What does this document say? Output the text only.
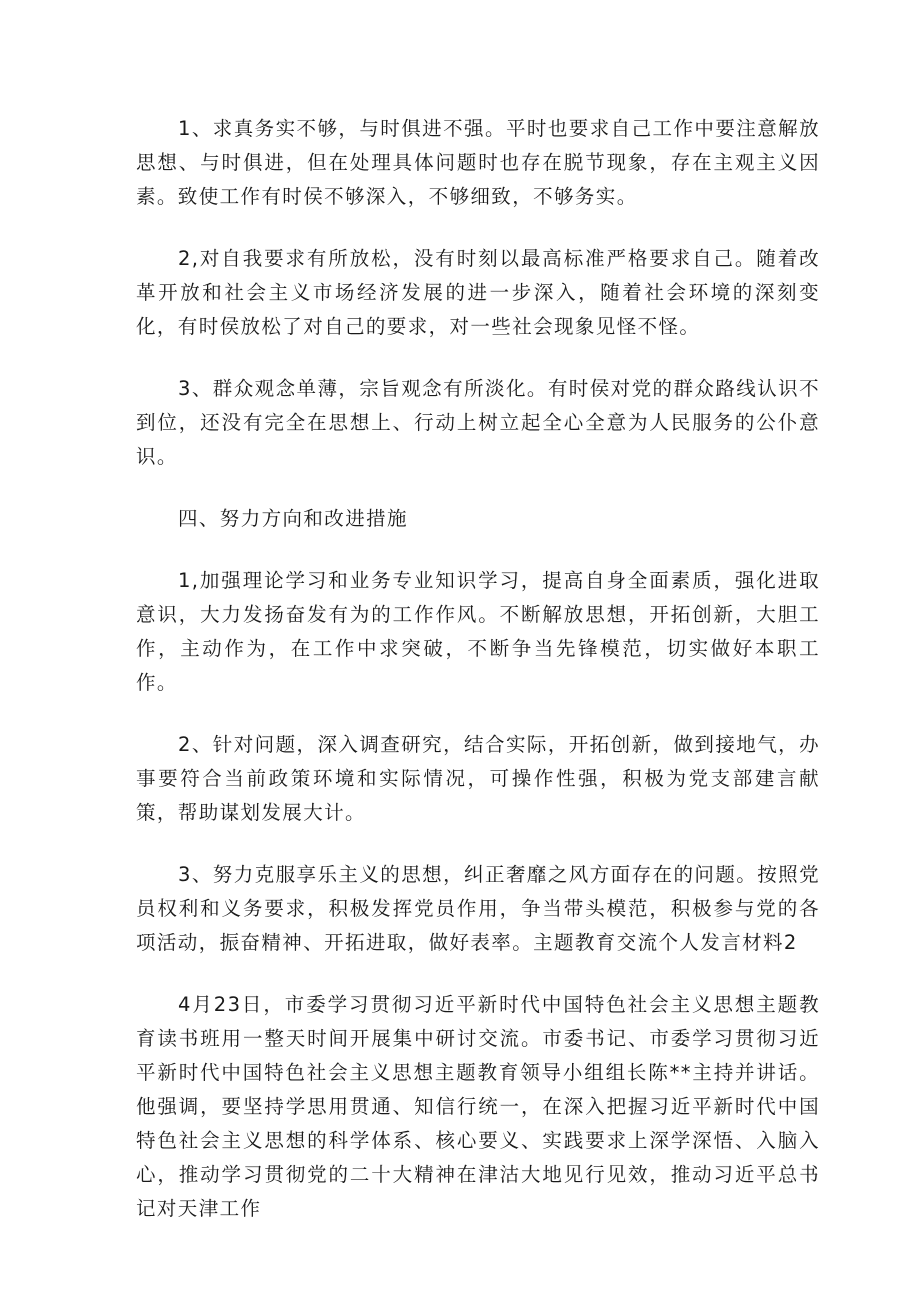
1、求真务实不够，与时俱进不强。平时也要求自己工作中要注意解放思想、与时俱进，但在处理具体问题时也存在脱节现象，存在主观主义因素。致使工作有时侯不够深入，不够细致，不够务实。

2,对自我要求有所放松，没有时刻以最高标准严格要求自己。随着改革开放和社会主义市场经济发展的进一步深入，随着社会环境的深刻变化，有时侯放松了对自己的要求，对一些社会现象见怪不怪。

3、群众观念单薄，宗旨观念有所淡化。有时侯对党的群众路线认识不到位，还没有完全在思想上、行动上树立起全心全意为人民服务的公仆意识。

四、努力方向和改进措施

1,加强理论学习和业务专业知识学习，提高自身全面素质，强化进取意识，大力发扬奋发有为的工作作风。不断解放思想，开拓创新，大胆工作，主动作为，在工作中求突破，不断争当先锋模范，切实做好本职工作。

2、针对问题，深入调查研究，结合实际，开拓创新，做到接地气，办事要符合当前政策环境和实际情况，可操作性强，积极为党支部建言献策，帮助谋划发展大计。

3、努力克服享乐主义的思想，纠正奢靡之风方面存在的问题。按照党员权利和义务要求，积极发挥党员作用，争当带头模范，积极参与党的各项活动，振奋精神、开拓进取，做好表率。主题教育交流个人发言材料2

4月23日，市委学习贯彻习近平新时代中国特色社会主义思想主题教育读书班用一整天时间开展集中研讨交流。市委书记、市委学习贯彻习近平新时代中国特色社会主义思想主题教育领导小组组长陈**主持并讲话。他强调，要坚持学思用贯通、知信行统一，在深入把握习近平新时代中国特色社会主义思想的科学体系、核心要义、实践要求上深学深悟、入脑入心，推动学习贯彻党的二十大精神在津沽大地见行见效，推动习近平总书记对天津工作
